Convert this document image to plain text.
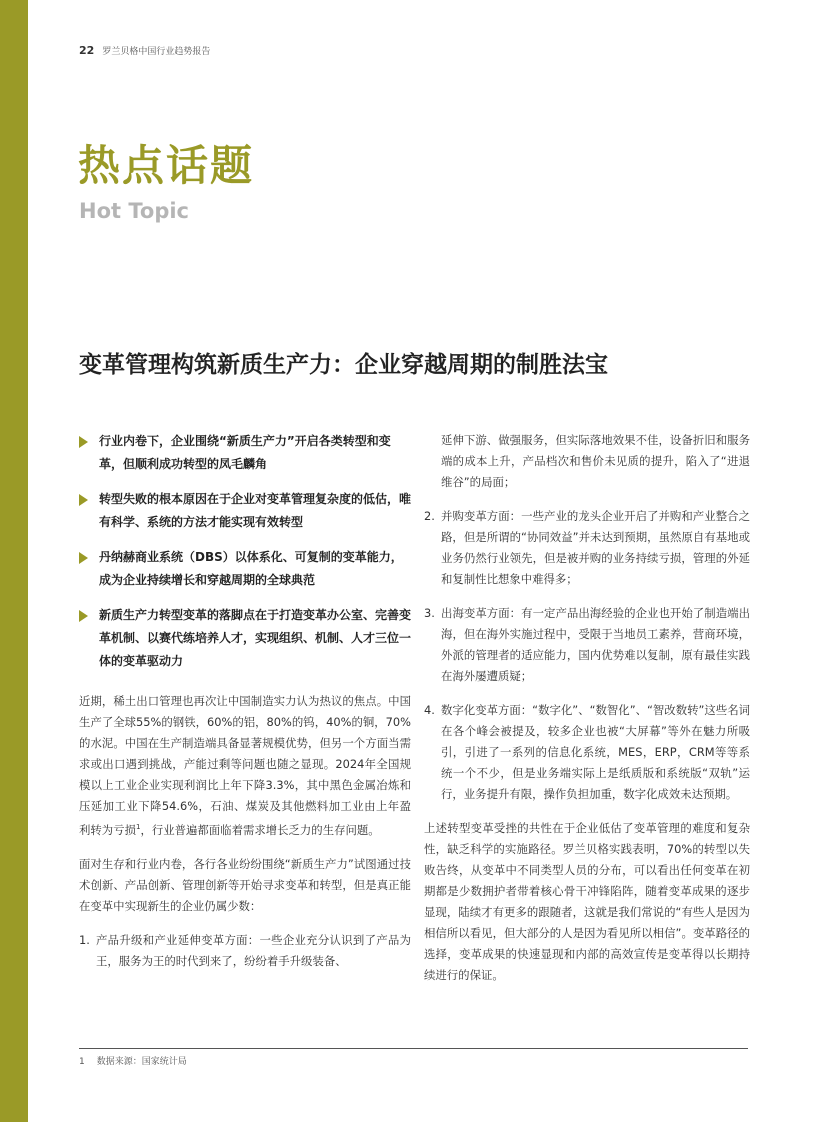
22 罗兰贝格中国行业趋势报告
热点话题
Hot Topic
变革管理构筑新质生产力：企业穿越周期的制胜法宝
行业内卷下，企业围绕“新质生产力”开启各类转型和变革，但顺利成功转型的凤毛麟角
转型失败的根本原因在于企业对变革管理复杂度的低估，唯有科学、系统的方法才能实现有效转型
丹纳赫商业系统（DBS）以体系化、可复制的变革能力，成为企业持续增长和穿越周期的全球典范
新质生产力转型变革的落脚点在于打造变革办公室、完善变革机制、以赛代练培养人才，实现组织、机制、人才三位一体的变革驱动力

近期，稀土出口管理也再次让中国制造实力认为热议的焦点。中国生产了全球55%的钢铁，60%的铝，80%的钨，40%的铜，70%的水泥。中国在生产制造端具备显著规模优势，但另一个方面当需求或出口遇到挑战，产能过剩等问题也随之显现。2024年全国规模以上工业企业实现利润比上年下降3.3%，其中黑色金属冶炼和压延加工业下降54.6%，石油、煤炭及其他燃料加工业由上年盈利转为亏损$^1$，行业普遍都面临着需求增长乏力的生存问题。

面对生存和行业内卷，各行各业纷纷围绕“新质生产力”试图通过技术创新、产品创新、管理创新等开始寻求变革和转型，但是真正能在变革中实现新生的企业仍属少数：

1. 产品升级和产业延伸变革方面：一些企业充分认识到了产品为王，服务为王的时代到来了，纷纷着手升级装备、

延伸下游、做强服务，但实际落地效果不佳，设备折旧和服务端的成本上升，产品档次和售价未见质的提升，陷入了“进退维谷”的局面；

2. 并购变革方面：一些产业的龙头企业开启了并购和产业整合之路，但是所谓的“协同效益”并未达到预期，虽然原自有基地或业务仍然行业领先，但是被并购的业务持续亏损，管理的外延和复制性比想象中难得多；
3. 出海变革方面：有一定产品出海经验的企业也开始了制造端出海，但在海外实施过程中，受限于当地员工素养，营商环境，外派的管理者的适应能力，国内优势难以复制，原有最佳实践在海外屡遭质疑；
4. 数字化变革方面：“数字化”、“数智化”、“智改数转”这些名词在各个峰会被提及，较多企业也被“大屏幕”等外在魅力所吸引，引进了一系列的信息化系统，MES，ERP，CRM等等系统一个不少，但是业务端实际上是纸质版和系统版“双轨”运行，业务提升有限，操作负担加重，数字化成效未达预期。

上述转型变革受挫的共性在于企业低估了变革管理的难度和复杂性，缺乏科学的实施路径。罗兰贝格实践表明，70%的转型以失败告终，从变革中不同类型人员的分布，可以看出任何变革在初期都是少数拥护者带着核心骨干冲锋陷阵，随着变革成果的逐步显现，陆续才有更多的跟随者，这就是我们常说的“有些人是因为相信所以看见，但大部分的人是因为看见所以相信”。变革路径的选择，变革成果的快速显现和内部的高效宣传是变革得以长期持续进行的保证。

1 数据来源：国家统计局
